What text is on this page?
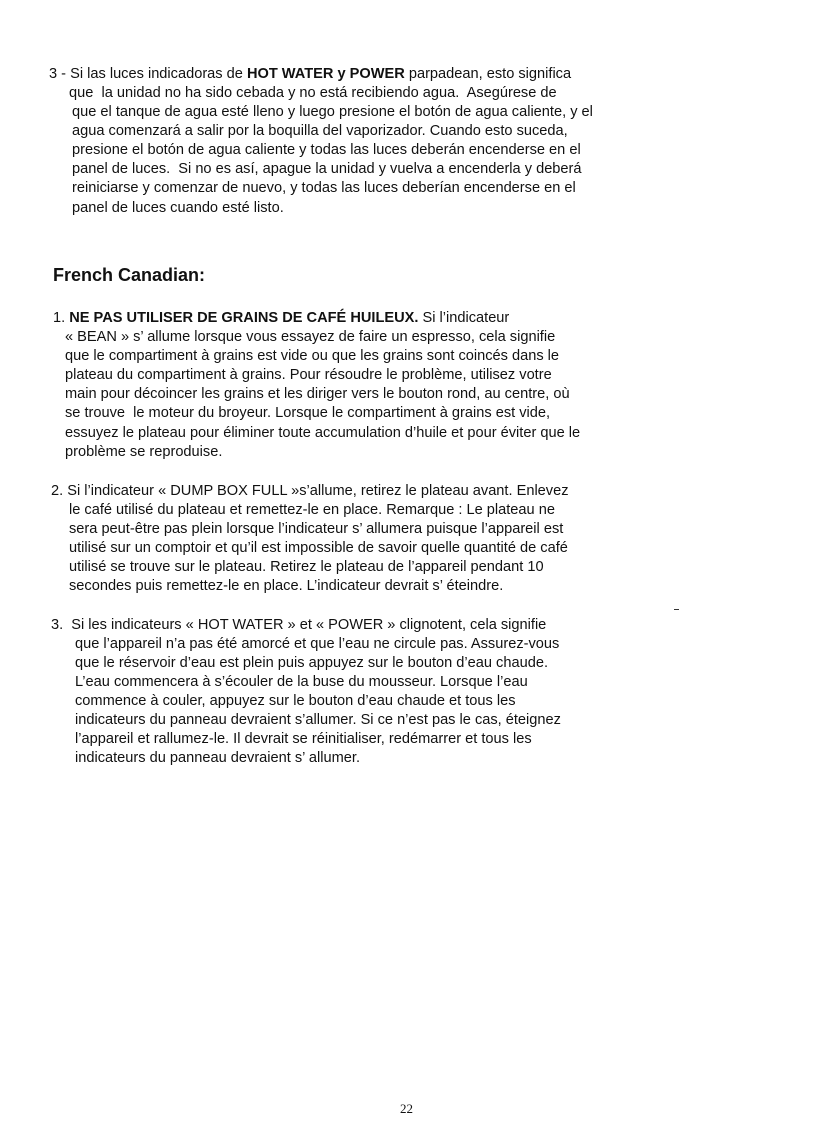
3 - Si las luces indicadoras de HOT WATER y POWER parpadean, esto significa
que  la unidad no ha sido cebada y no está recibiendo agua.  Asegúrese de
que el tanque de agua esté lleno y luego presione el botón de agua caliente, y el
agua comenzará a salir por la boquilla del vaporizador. Cuando esto suceda,
presione el botón de agua caliente y todas las luces deberán encenderse en el
panel de luces.  Si no es así, apague la unidad y vuelva a encenderla y deberá
reiniciarse y comenzar de nuevo, y todas las luces deberían encenderse en el
panel de luces cuando esté listo.
French Canadian:
1. NE PAS UTILISER DE GRAINS DE CAFÉ HUILEUX. Si l’indicateur
« BEAN » s’ allume lorsque vous essayez de faire un espresso, cela signifie
que le compartiment à grains est vide ou que les grains sont coincés dans le
plateau du compartiment à grains. Pour résoudre le problème, utilisez votre
main pour décoincer les grains et les diriger vers le bouton rond, au centre, où
se trouve  le moteur du broyeur. Lorsque le compartiment à grains est vide,
essuyez le plateau pour éliminer toute accumulation d’huile et pour éviter que le
problème se reproduise.
2. Si l’indicateur « DUMP BOX FULL »s’allume, retirez le plateau avant. Enlevez
le café utilisé du plateau et remettez-le en place. Remarque : Le plateau ne
sera peut-être pas plein lorsque l’indicateur s’ allumera puisque l’appareil est
utilisé sur un comptoir et qu’il est impossible de savoir quelle quantité de café
utilisé se trouve sur le plateau. Retirez le plateau de l’appareil pendant 10
secondes puis remettez-le en place. L’indicateur devrait s’ éteindre.
3.  Si les indicateurs « HOT WATER » et « POWER » clignotent, cela signifie
que l’appareil n’a pas été amorcé et que l’eau ne circule pas. Assurez-vous
que le réservoir d’eau est plein puis appuyez sur le bouton d’eau chaude.
L’eau commencera à s’écouler de la buse du mousseur. Lorsque l’eau
commence à couler, appuyez sur le bouton d’eau chaude et tous les
indicateurs du panneau devraient s’allumer. Si ce n’est pas le cas, éteignez
l’appareil et rallumez-le. Il devrait se réinitialiser, redémarrer et tous les
indicateurs du panneau devraient s’ allumer.
22
